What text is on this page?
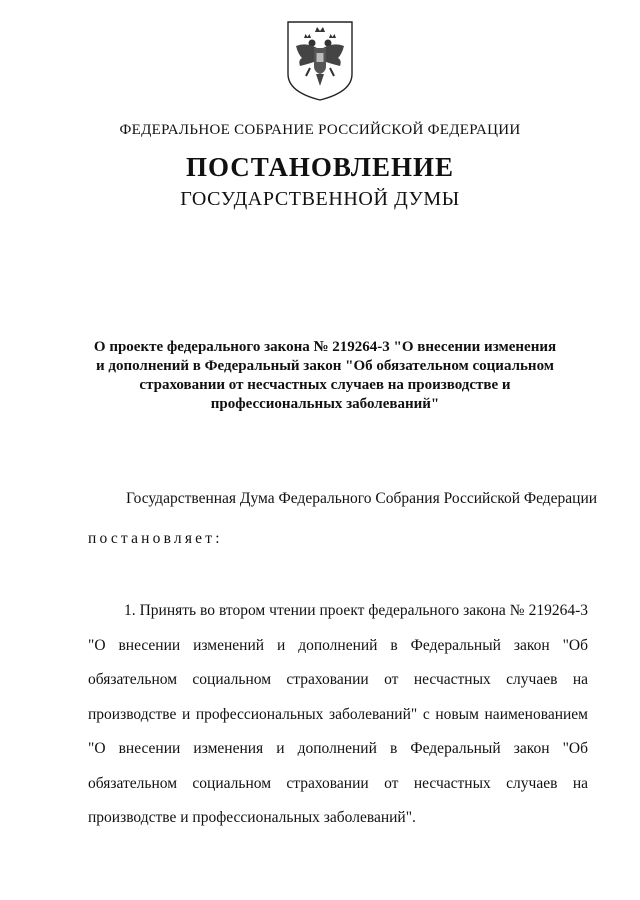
ФЕДЕРАЛЬНОЕ СОБРАНИЕ РОССИЙСКОЙ ФЕДЕРАЦИИ
ПОСТАНОВЛЕНИЕ
ГОСУДАРСТВЕННОЙ ДУМЫ
О проекте федерального закона № 219264-3 "О внесении изменения и дополнений в Федеральный закон "Об обязательном социальном страховании от несчастных случаев на производстве и профессиональных заболеваний"
Государственная Дума Федерального Собрания Российской Федерации
постановляет:
1. Принять во втором чтении проект федерального закона № 219264-3 "О внесении изменений и дополнений в Федеральный закон "Об обязательном социальном страховании от несчастных случаев на производстве и профессиональных заболеваний" с новым наименованием "О внесении изменения и дополнений в Федеральный закон "Об обязательном социальном страховании от несчастных случаев на производстве и профессиональных заболеваний".
